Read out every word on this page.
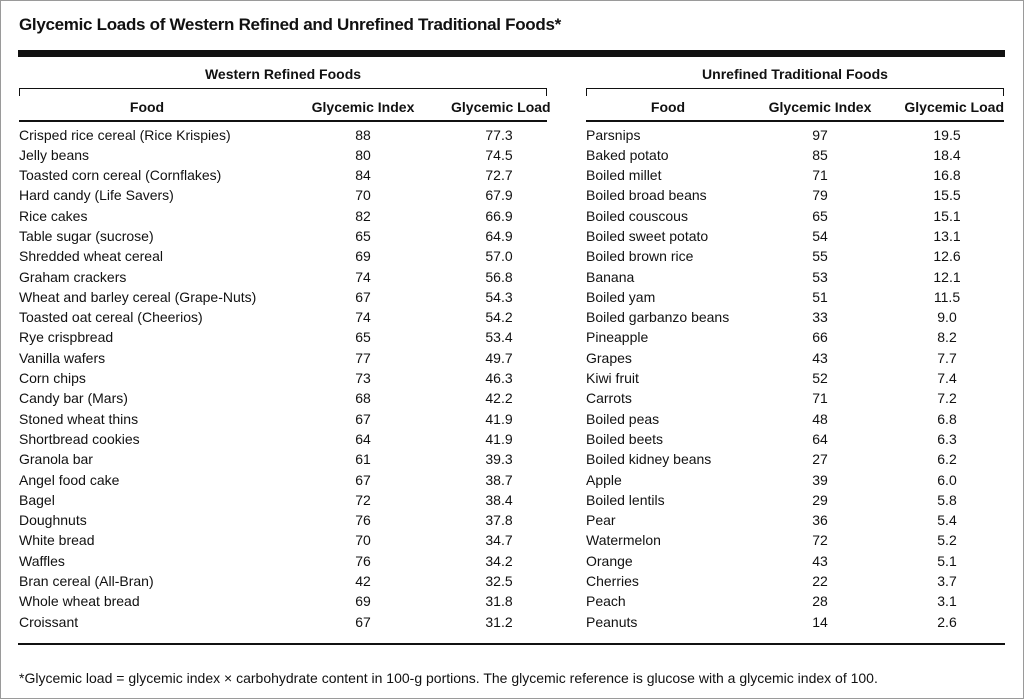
Glycemic Loads of Western Refined and Unrefined Traditional Foods*
Western Refined Foods
Food	Glycemic Index	Glycemic Load
Crisped rice cereal (Rice Krispies)	88	77.3
Jelly beans	80	74.5
Toasted corn cereal (Cornflakes)	84	72.7
Hard candy (Life Savers)	70	67.9
Rice cakes	82	66.9
Table sugar (sucrose)	65	64.9
Shredded wheat cereal	69	57.0
Graham crackers	74	56.8
Wheat and barley cereal (Grape-Nuts)	67	54.3
Toasted oat cereal (Cheerios)	74	54.2
Rye crispbread	65	53.4
Vanilla wafers	77	49.7
Corn chips	73	46.3
Candy bar (Mars)	68	42.2
Stoned wheat thins	67	41.9
Shortbread cookies	64	41.9
Granola bar	61	39.3
Angel food cake	67	38.7
Bagel	72	38.4
Doughnuts	76	37.8
White bread	70	34.7
Waffles	76	34.2
Bran cereal (All-Bran)	42	32.5
Whole wheat bread	69	31.8
Croissant	67	31.2
Unrefined Traditional Foods
Food	Glycemic Index	Glycemic Load
Parsnips	97	19.5
Baked potato	85	18.4
Boiled millet	71	16.8
Boiled broad beans	79	15.5
Boiled couscous	65	15.1
Boiled sweet potato	54	13.1
Boiled brown rice	55	12.6
Banana	53	12.1
Boiled yam	51	11.5
Boiled garbanzo beans	33	9.0
Pineapple	66	8.2
Grapes	43	7.7
Kiwi fruit	52	7.4
Carrots	71	7.2
Boiled peas	48	6.8
Boiled beets	64	6.3
Boiled kidney beans	27	6.2
Apple	39	6.0
Boiled lentils	29	5.8
Pear	36	5.4
Watermelon	72	5.2
Orange	43	5.1
Cherries	22	3.7
Peach	28	3.1
Peanuts	14	2.6
*Glycemic load = glycemic index × carbohydrate content in 100-g portions. The glycemic reference is glucose with a glycemic index of 100.
